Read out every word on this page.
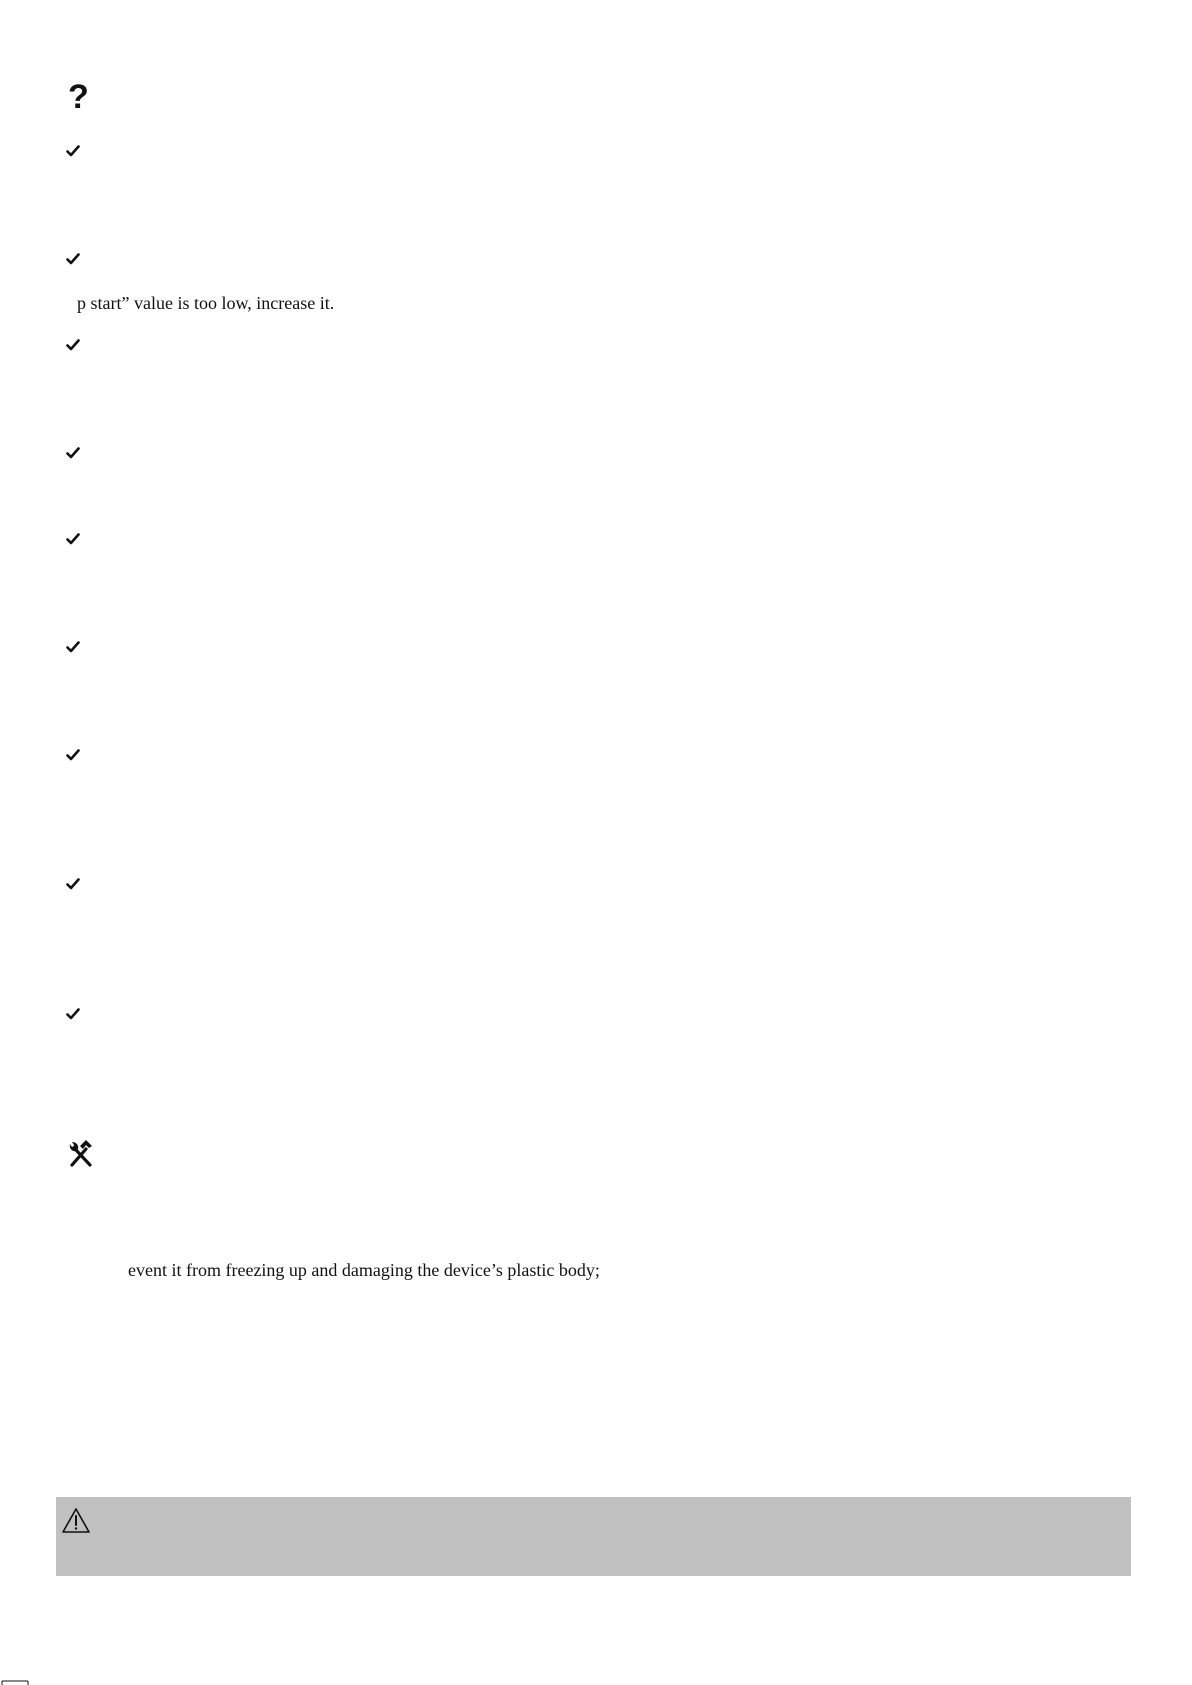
?
p start” value is too low, increase it.
event it from freezing up and damaging the device’s plastic body;
